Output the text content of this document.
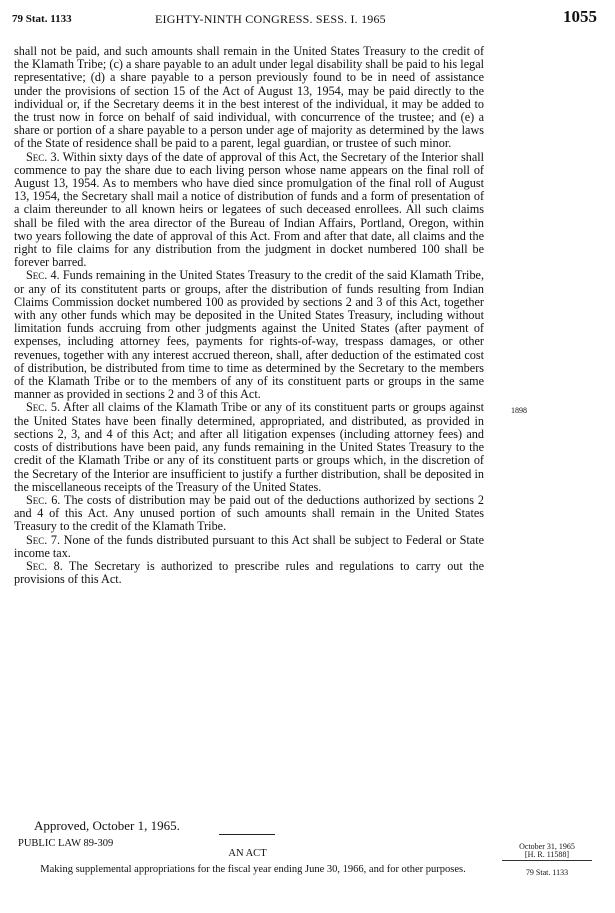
79 Stat. 1133	EIGHTY-NINTH CONGRESS. SESS. I. 1965	1055

shall not be paid, and such amounts shall remain in the United States Treasury to the credit of the Klamath Tribe; (c) a share payable to an adult under legal disability shall be paid to his legal representative; (d) a share payable to a person previously found to be in need of assistance under the provisions of section 15 of the Act of August 13, 1954, may be paid directly to the individual or, if the Secretary deems it in the best interest of the individual, it may be added to the trust now in force on behalf of said individual, with concurrence of the trustee; and (e) a share or portion of a share payable to a person under age of majority as determined by the laws of the State of residence shall be paid to a parent, legal guardian, or trustee of such minor.

Sec. 3. Within sixty days of the date of approval of this Act, the Secretary of the Interior shall commence to pay the share due to each living person whose name appears on the final roll of August 13, 1954. As to members who have died since promulgation of the final roll of August 13, 1954, the Secretary shall mail a notice of distribution of funds and a form of presentation of a claim thereunder to all known heirs or legatees of such deceased enrollees. All such claims shall be filed with the area director of the Bureau of Indian Affairs, Portland, Oregon, within two years following the date of approval of this Act. From and after that date, all claims and the right to file claims for any distribution from the judgment in docket numbered 100 shall be forever barred.

Sec. 4. Funds remaining in the United States Treasury to the credit of the said Klamath Tribe, or any of its constitutent parts or groups, after the distribution of funds resulting from Indian Claims Commission docket numbered 100 as provided by sections 2 and 3 of this Act, together with any other funds which may be deposited in the United States Treasury, including without limitation funds accruing from other judgments against the United States (after payment of expenses, including attorney fees, payments for rights-of-way, trespass damages, or other revenues, together with any interest accrued thereon, shall, after deduction of the estimated cost of distribution, be distributed from time to time as determined by the Secretary to the members of the Klamath Tribe or to the members of any of its constituent parts or groups in the same manner as provided in sections 2 and 3 of this Act.

Sec. 5. After all claims of the Klamath Tribe or any of its constituent parts or groups against the United States have been finally determined, appropriated, and distributed, as provided in sections 2, 3, and 4 of this Act; and after all litigation expenses (including attorney fees) and costs of distributions have been paid, any funds remaining in the United States Treasury to the credit of the Klamath Tribe or any of its constituent parts or groups which, in the discretion of the Secretary of the Interior are insufficient to justify a further distribution, shall be deposited in the miscellaneous receipts of the Treasury of the United States.

Sec. 6. The costs of distribution may be paid out of the deductions authorized by sections 2 and 4 of this Act. Any unused portion of such amounts shall remain in the United States Treasury to the credit of the Klamath Tribe.

Sec. 7. None of the funds distributed pursuant to this Act shall be subject to Federal or State income tax.

Sec. 8. The Secretary is authorized to prescribe rules and regulations to carry out the provisions of this Act.

1898
Approved, October 1, 1965.
PUBLIC LAW 89-309
AN ACT
Making supplemental appropriations for the fiscal year ending June 30, 1966, and for other purposes.
October 31, 1965
[H. R. 11588]
79 Stat. 1133
